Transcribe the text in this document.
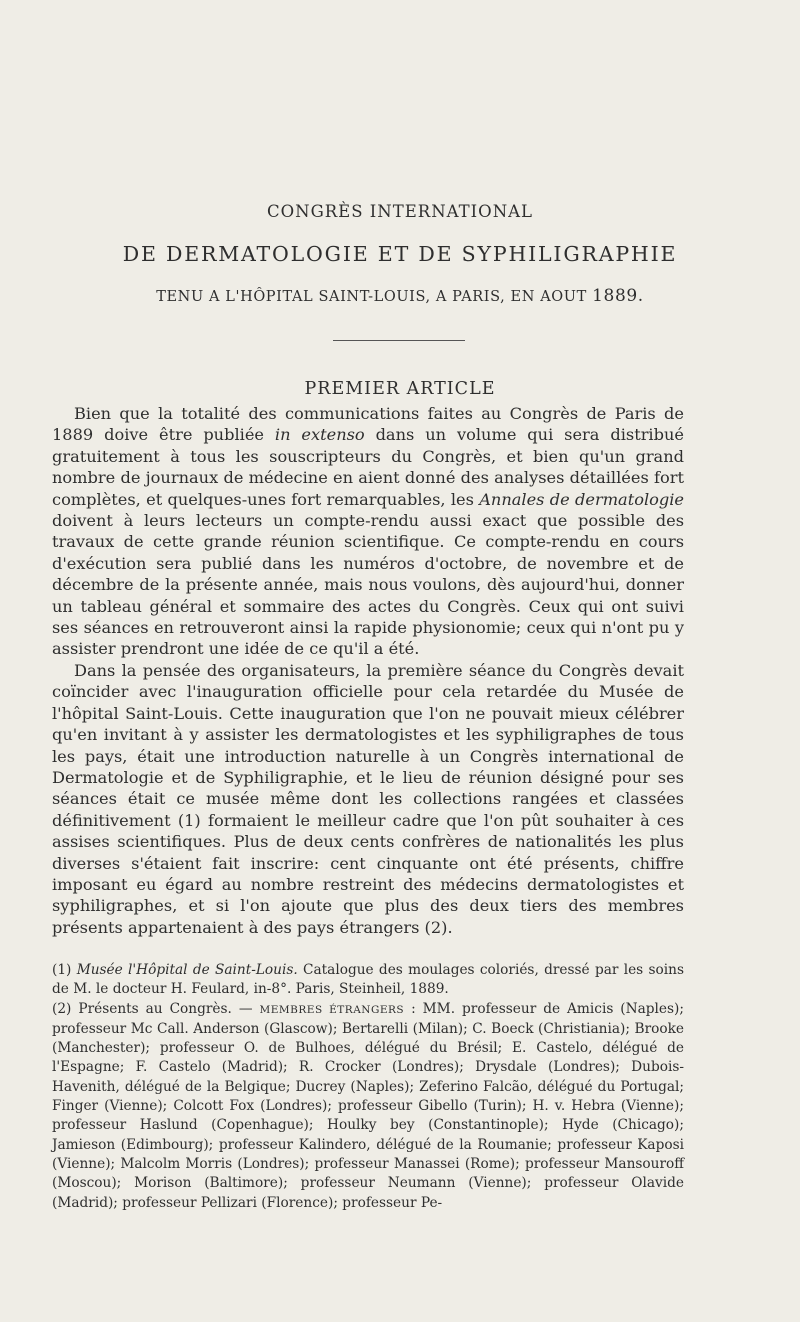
CONGRÈS INTERNATIONAL
DE DERMATOLOGIE ET DE SYPHILIGRAPHIE
TENU A L'HÔPITAL SAINT-LOUIS, A PARIS, EN AOUT 1889.
PREMIER ARTICLE

Bien que la totalité des communications faites au Congrès de Paris de 1889 doive être publiée in extenso dans un volume qui sera distribué gratuitement à tous les souscripteurs du Congrès, et bien qu'un grand nombre de journaux de médecine en aient donné des analyses détaillées fort complètes, et quelques-unes fort remarquables, les Annales de dermatologie doivent à leurs lecteurs un compte-rendu aussi exact que possible des travaux de cette grande réunion scientifique. Ce compte-rendu en cours d'exécution sera publié dans les numéros d'octobre, de novembre et de décembre de la présente année, mais nous voulons, dès aujourd'hui, donner un tableau général et sommaire des actes du Congrès. Ceux qui ont suivi ses séances en retrouveront ainsi la rapide physionomie; ceux qui n'ont pu y assister prendront une idée de ce qu'il a été.

Dans la pensée des organisateurs, la première séance du Congrès devait coïncider avec l'inauguration officielle pour cela retardée du Musée de l'hôpital Saint-Louis. Cette inauguration que l'on ne pouvait mieux célébrer qu'en invitant à y assister les dermatologistes et les syphiligraphes de tous les pays, était une introduction naturelle à un Congrès international de Dermatologie et de Syphiligraphie, et le lieu de réunion désigné pour ses séances était ce musée même dont les collections rangées et classées définitivement (1) formaient le meilleur cadre que l'on pût souhaiter à ces assises scientifiques. Plus de deux cents confrères de nationalités les plus diverses s'étaient fait inscrire: cent cinquante ont été présents, chiffre imposant eu égard au nombre restreint des médecins dermatologistes et syphiligraphes, et si l'on ajoute que plus des deux tiers des membres présents appartenaient à des pays étrangers (2).

(1) Musée l'Hôpital de Saint-Louis. Catalogue des moulages coloriés, dressé par les soins de M. le docteur H. Feulard, in-8°. Paris, Steinheil, 1889.

(2) Présents au Congrès. — MEMBRES ÉTRANGERS : MM. professeur de Amicis (Naples); professeur Mc Call. Anderson (Glascow); Bertarelli (Milan); C. Boeck (Christiania); Brooke (Manchester); professeur O. de Bulhoes, délégué du Brésil; E. Castelo, délégué de l'Espagne; F. Castelo (Madrid); R. Crocker (Londres); Drysdale (Londres); Dubois-Havenith, délégué de la Belgique; Ducrey (Naples); Zeferino Falcão, délégué du Portugal; Finger (Vienne); Colcott Fox (Londres); professeur Gibello (Turin); H. v. Hebra (Vienne); professeur Haslund (Copenhague); Houlky bey (Constantinople); Hyde (Chicago); Jamieson (Edimbourg); professeur Kalindero, délégué de la Roumanie; professeur Kaposi (Vienne); Malcolm Morris (Londres); professeur Manassei (Rome); professeur Mansouroff (Moscou); Morison (Baltimore); professeur Neumann (Vienne); professeur Olavide (Madrid); professeur Pellizari (Florence); professeur Pe-
